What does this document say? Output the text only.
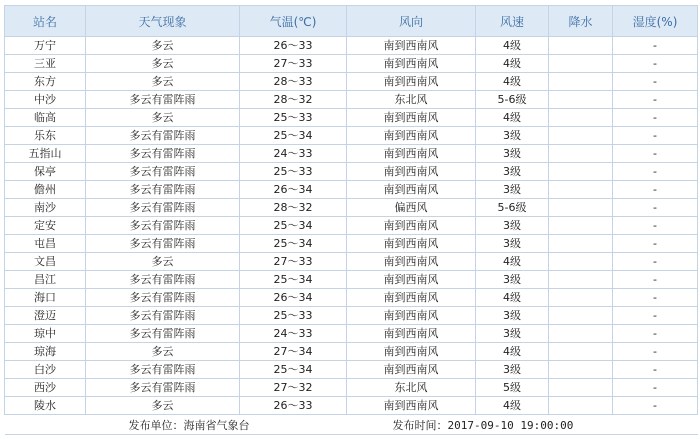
站名	天气现象	气温(℃)	风向	风速	降水	湿度(%)
万宁	多云	26～33	南到西南风	4级		-
三亚	多云	27～33	南到西南风	4级		-
东方	多云	28～33	南到西南风	4级		-
中沙	多云有雷阵雨	28～32	东北风	5-6级		-
临高	多云	25～33	南到西南风	4级		-
乐东	多云有雷阵雨	25～34	南到西南风	3级		-
五指山	多云有雷阵雨	24～33	南到西南风	3级		-
保亭	多云有雷阵雨	25～33	南到西南风	3级		-
儋州	多云有雷阵雨	26～34	南到西南风	3级		-
南沙	多云有雷阵雨	28～32	偏西风	5-6级		-
定安	多云有雷阵雨	25～34	南到西南风	3级		-
屯昌	多云有雷阵雨	25～34	南到西南风	3级		-
文昌	多云	27～33	南到西南风	4级		-
昌江	多云有雷阵雨	25～34	南到西南风	3级		-
海口	多云有雷阵雨	26～34	南到西南风	4级		-
澄迈	多云有雷阵雨	25～33	南到西南风	3级		-
琼中	多云有雷阵雨	24～33	南到西南风	3级		-
琼海	多云	27～34	南到西南风	4级		-
白沙	多云有雷阵雨	25～34	南到西南风	3级		-
西沙	多云有雷阵雨	27～32	东北风	5级		-
陵水	多云	26～33	南到西南风	4级		-

发布单位：海南省气象台 发布时间：2017-09-10 19:00:00						
